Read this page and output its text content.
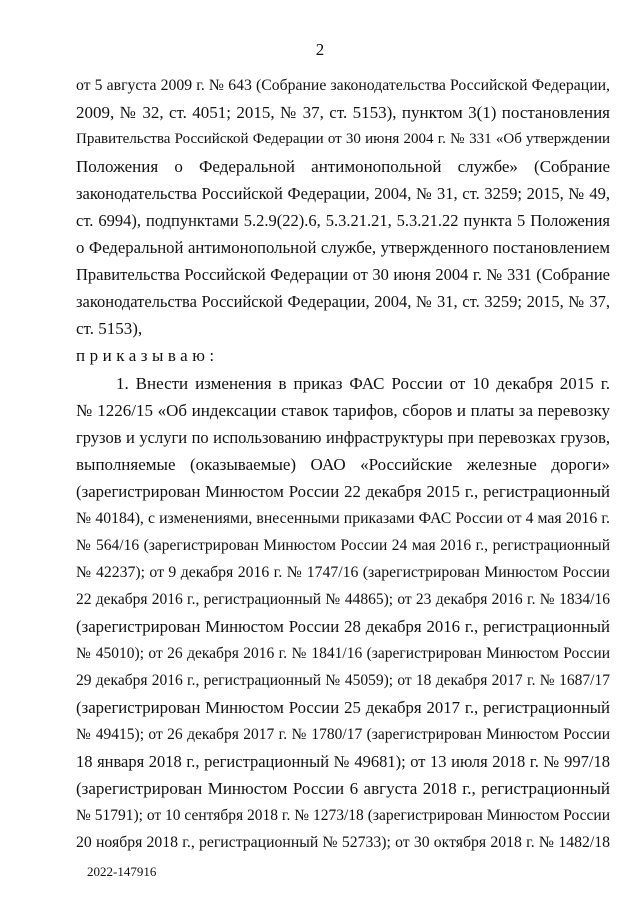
2
от 5 августа 2009 г. № 643 (Собрание законодательства Российской Федерации,
2009, № 32, ст. 4051; 2015, № 37, ст. 5153), пунктом 3(1) постановления
Правительства Российской Федерации от 30 июня 2004 г. № 331 «Об утверждении
Положения о Федеральной антимонопольной службе» (Собрание
законодательства Российской Федерации, 2004, № 31, ст. 3259; 2015, № 49,
ст. 6994), подпунктами 5.2.9(22).6, 5.3.21.21, 5.3.21.22 пункта 5 Положения
о Федеральной антимонопольной службе, утвержденного постановлением
Правительства Российской Федерации от 30 июня 2004 г. № 331 (Собрание
законодательства Российской Федерации, 2004, № 31, ст. 3259; 2015, № 37,
ст. 5153),
приказываю:
1. Внести изменения в приказ ФАС России от 10 декабря 2015 г.
№ 1226/15 «Об индексации ставок тарифов, сборов и платы за перевозку
грузов и услуги по использованию инфраструктуры при перевозках грузов,
выполняемые (оказываемые) ОАО «Российские железные дороги»
(зарегистрирован Минюстом России 22 декабря 2015 г., регистрационный
№ 40184), с изменениями, внесенными приказами ФАС России от 4 мая 2016 г.
№ 564/16 (зарегистрирован Минюстом России 24 мая 2016 г., регистрационный
№ 42237); от 9 декабря 2016 г. № 1747/16 (зарегистрирован Минюстом России
22 декабря 2016 г., регистрационный № 44865); от 23 декабря 2016 г. № 1834/16
(зарегистрирован Минюстом России 28 декабря 2016 г., регистрационный
№ 45010); от 26 декабря 2016 г. № 1841/16 (зарегистрирован Минюстом России
29 декабря 2016 г., регистрационный № 45059); от 18 декабря 2017 г. № 1687/17
(зарегистрирован Минюстом России 25 декабря 2017 г., регистрационный
№ 49415); от 26 декабря 2017 г. № 1780/17 (зарегистрирован Минюстом России
18 января 2018 г., регистрационный № 49681); от 13 июля 2018 г. № 997/18
(зарегистрирован Минюстом России 6 августа 2018 г., регистрационный
№ 51791); от 10 сентября 2018 г. № 1273/18 (зарегистрирован Минюстом России
20 ноября 2018 г., регистрационный № 52733); от 30 октября 2018 г. № 1482/18
2022-147916
